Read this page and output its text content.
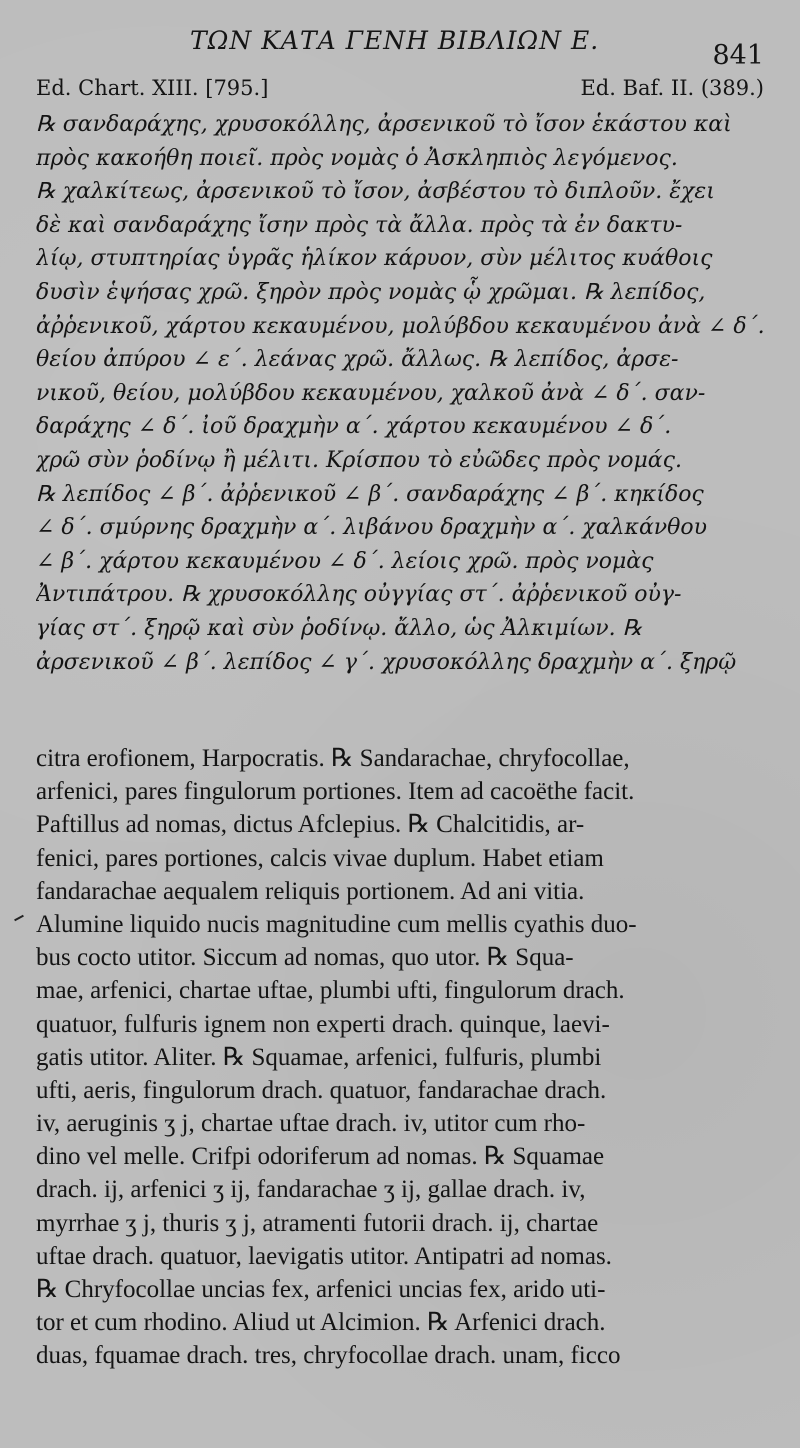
ΤΩΝ ΚΑΤΑ ΓΕΝΗ ΒΙΒΛΙΩΝ Ε.	841
Ed. Chart. XIII. [795.]	Ed. Baf. II. (389.)
℞ σανδαράχης, χρυσοκόλλης, ἀρσενικοῦ τὸ ἴσον ἑκάστου καὶ
πρὸς κακοήθη ποιεῖ. πρὸς νομὰς ὁ Ἀσκληπιὸς λεγόμενος.
℞ χαλκίτεως, ἀρσενικοῦ τὸ ἴσον, ἀσβέστου τὸ διπλοῦν. ἔχει
δὲ καὶ σανδαράχης ἴσην πρὸς τὰ ἄλλα. πρὸς τὰ ἐν δακτυ-
λίῳ, στυπτηρίας ὑγρᾶς ἡλίκον κάρυον, σὺν μέλιτος κυάθοις
δυσὶν ἑψήσας χρῶ. ξηρὸν πρὸς νομὰς ᾧ χρῶμαι. ℞ λεπίδος,
ἀῤῥενικοῦ, χάρτου κεκαυμένου, μολύβδου κεκαυμένου ἀνὰ ∠ δ΄.
θείου ἀπύρου ∠ ε΄. λεάνας χρῶ. ἄλλως. ℞ λεπίδος, ἀρσε-
νικοῦ, θείου, μολύβδου κεκαυμένου, χαλκοῦ ἀνὰ ∠ δ΄. σαν-
δαράχης ∠ δ΄. ἰοῦ δραχμὴν α΄. χάρτου κεκαυμένου ∠ δ΄.
χρῶ σὺν ῥοδίνῳ ἢ μέλιτι. Κρίσπου τὸ εὐῶδες πρὸς νομάς.
℞ λεπίδος ∠ β΄. ἀῤῥενικοῦ ∠ β΄. σανδαράχης ∠ β΄. κηκίδος
∠ δ΄. σμύρνης δραχμὴν α΄. λιβάνου δραχμὴν α΄. χαλκάνθου
∠ β΄. χάρτου κεκαυμένου ∠ δ΄. λείοις χρῶ. πρὸς νομὰς
Ἀντιπάτρου. ℞ χρυσοκόλλης οὐγγίας στ΄. ἀῤῥενικοῦ οὐγ-
γίας στ΄. ξηρῷ καὶ σὺν ῥοδίνῳ. ἄλλο, ὡς Ἀλκιμίων. ℞
ἀρσενικοῦ ∠ β΄. λεπίδος ∠ γ΄. χρυσοκόλλης δραχμὴν α΄. ξηρῷ
citra erofionem, Harpocratis. ℞ Sandarachae, chryfocollae,
arfenici, pares fingulorum portiones. Item ad cacoëthe facit.
Paftillus ad nomas, dictus Afclepius. ℞ Chalcitidis, ar-
fenici, pares portiones, calcis vivae duplum. Habet etiam
fandarachae aequalem reliquis portionem. Ad ani vitia.
Alumine liquido nucis magnitudine cum mellis cyathis duo-
bus cocto utitor. Siccum ad nomas, quo utor. ℞ Squa-
mae, arfenici, chartae uftae, plumbi ufti, fingulorum drach.
quatuor, fulfuris ignem non experti drach. quinque, laevi-
gatis utitor. Aliter. ℞ Squamae, arfenici, fulfuris, plumbi
ufti, aeris, fingulorum drach. quatuor, fandarachae drach.
iv, aeruginis ʒ j, chartae uftae drach. iv, utitor cum rho-
dino vel melle. Crifpi odoriferum ad nomas. ℞ Squamae
drach. ij, arfenici ʒ ij, fandarachae ʒ ij, gallae drach. iv,
myrrhae ʒ j, thuris ʒ j, atramenti futorii drach. ij, chartae
uftae drach. quatuor, laevigatis utitor. Antipatri ad nomas.
℞ Chryfocollae uncias fex, arfenici uncias fex, arido uti-
tor et cum rhodino. Aliud ut Alcimion. ℞ Arfenici drach.
duas, fquamae drach. tres, chryfocollae drach. unam, ficco
